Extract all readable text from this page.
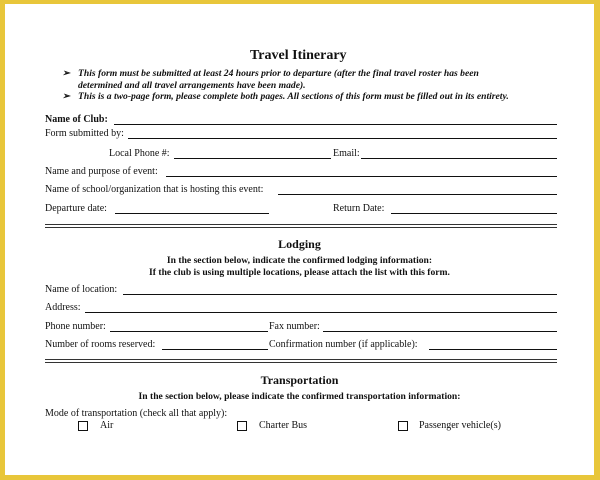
Travel Itinerary
➢ This form must be submitted at least 24 hours prior to departure (after the final travel roster has been
determined and all travel arrangements have been made).
➢ This is a two-page form, please complete both pages. All sections of this form must be filled out in its entirety.
Name of Club:
Form submitted by:
Local Phone #:	Email:
Name and purpose of event:
Name of school/organization that is hosting this event:
Departure date:	Return Date:
Lodging
In the section below, indicate the confirmed lodging information:
If the club is using multiple locations, please attach the list with this form.
Name of location:
Address:
Phone number:	Fax number:
Number of rooms reserved:	Confirmation number (if applicable):
Transportation
In the section below, please indicate the confirmed transportation information:
Mode of transportation (check all that apply):
Air	Charter Bus	Passenger vehicle(s)
